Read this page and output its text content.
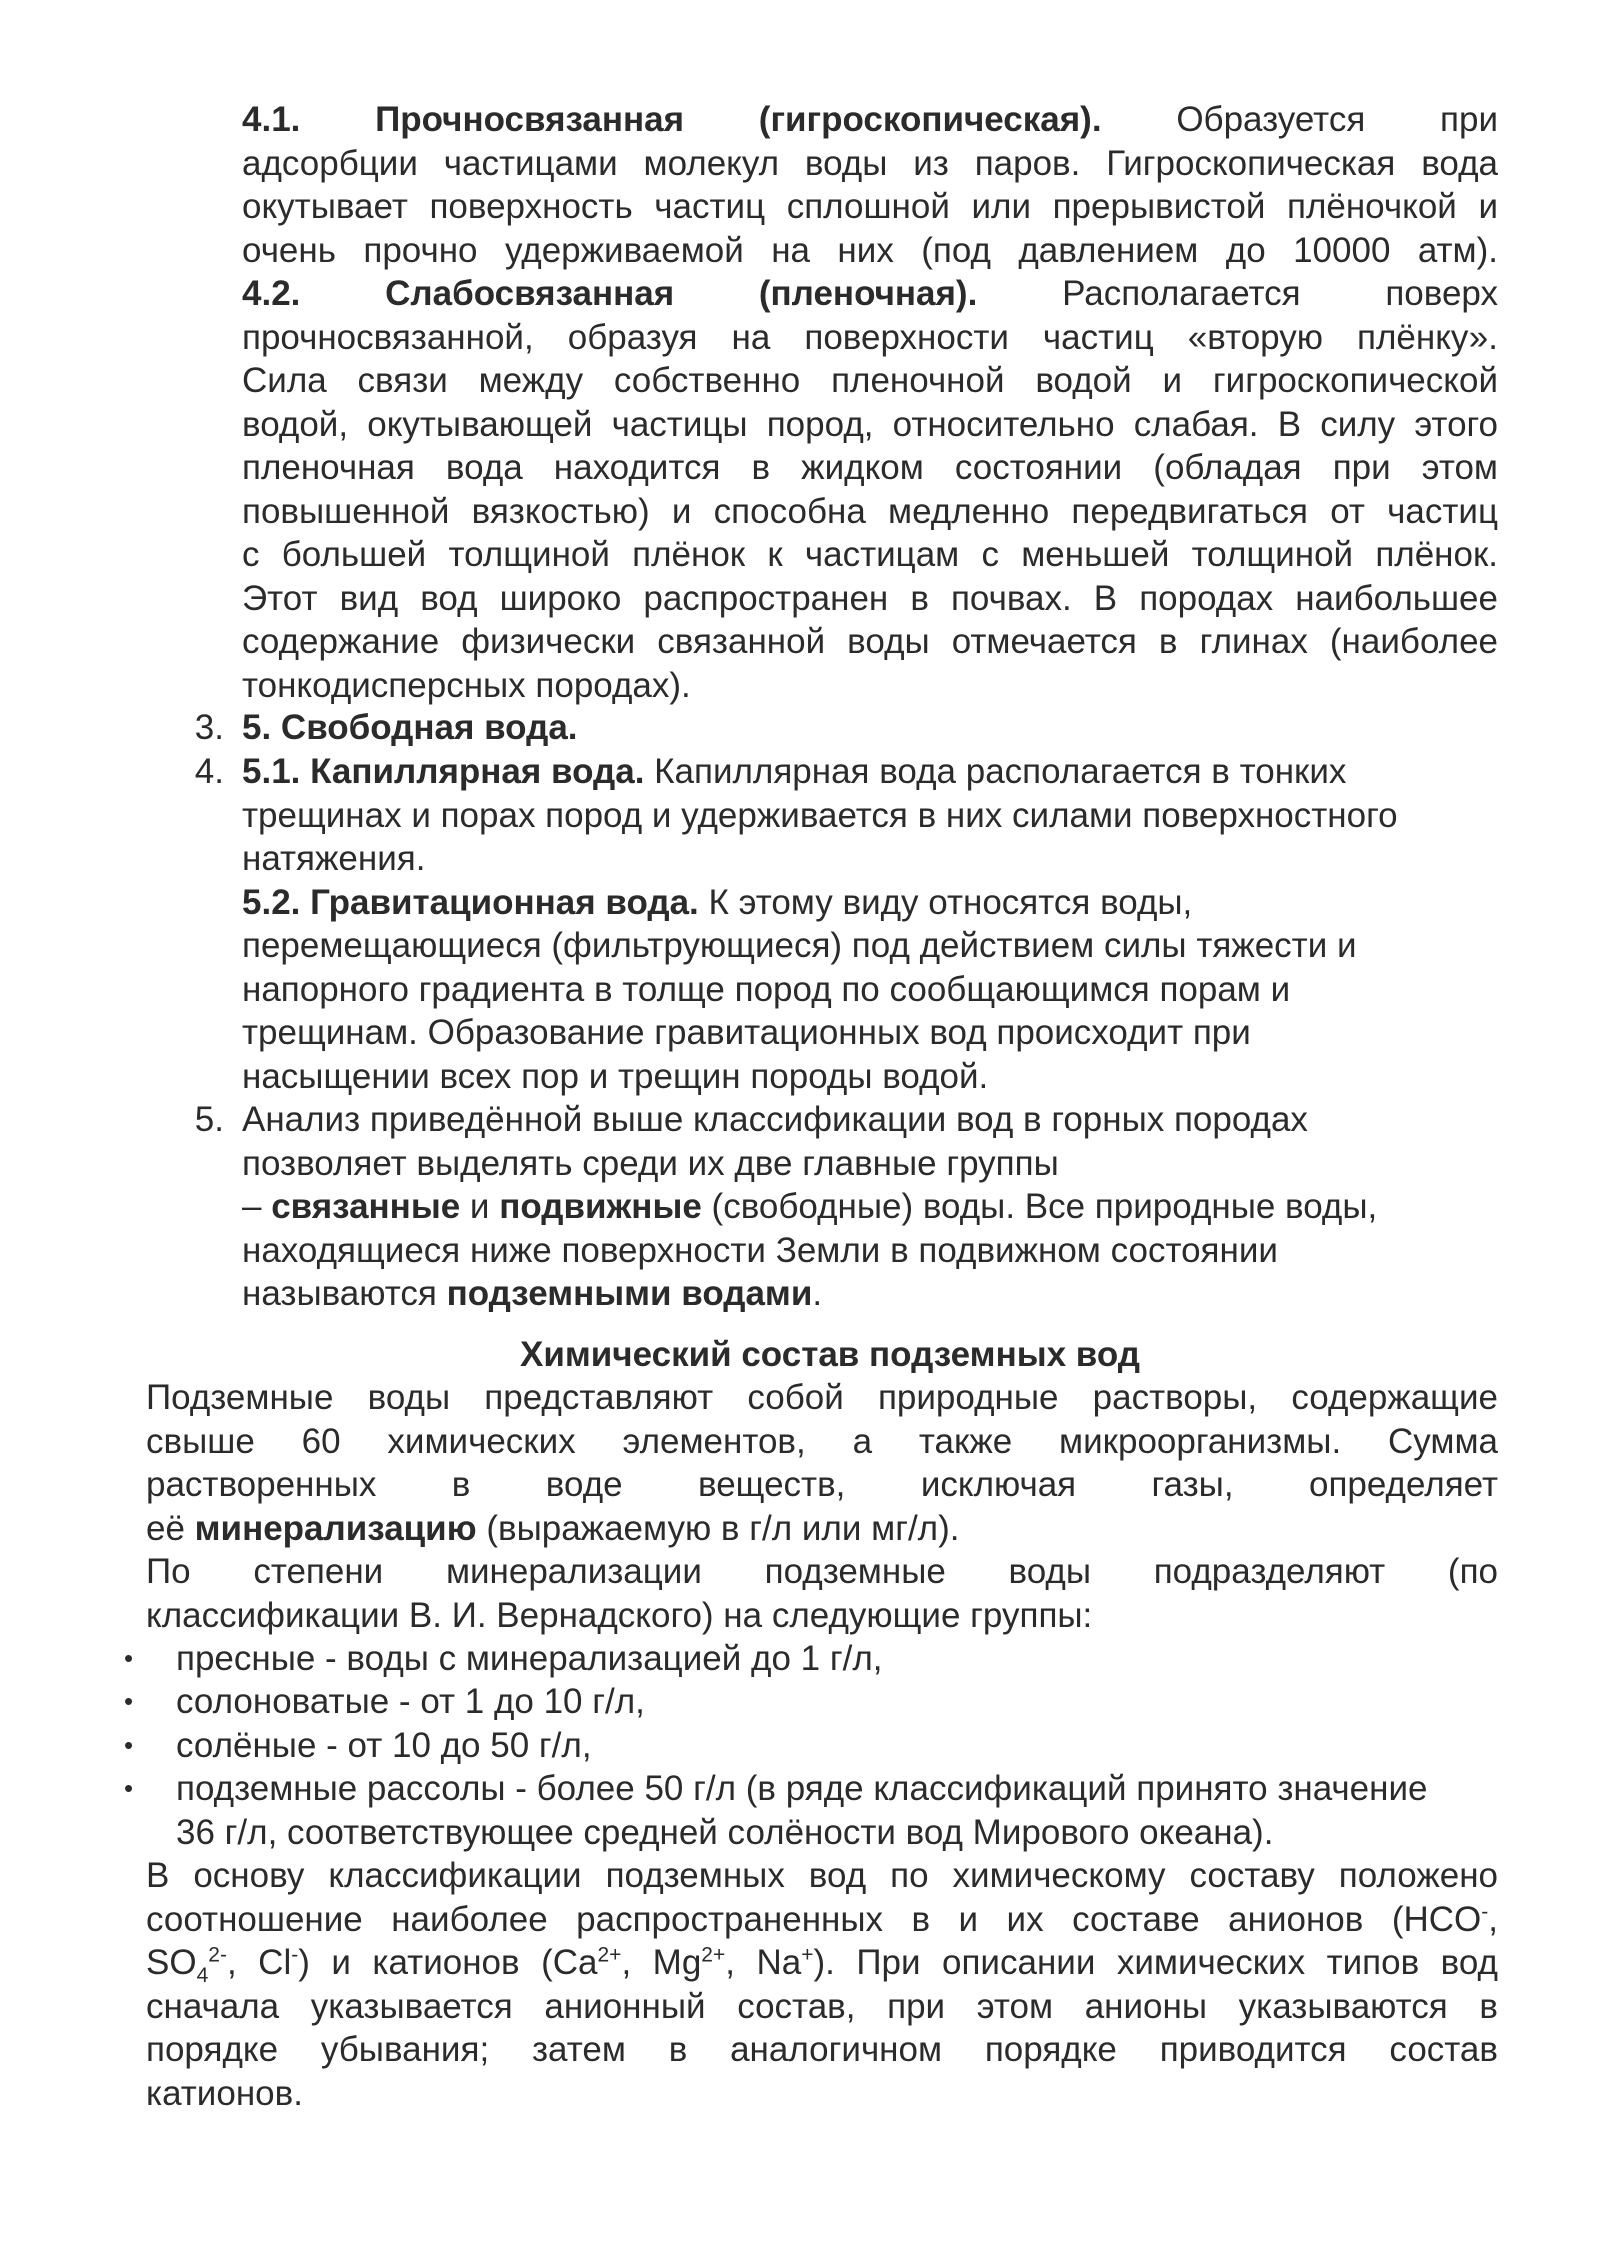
4.1. Прочносвязанная (гигроскопическая). Образуется при
адсорбции частицами молекул воды из паров. Гигроскопическая вода
окутывает поверхность частиц сплошной или прерывистой плёночкой и
очень прочно удерживаемой на них (под давлением до 10000 атм).
4.2. Слабосвязанная (пленочная). Располагается поверх
прочносвязанной, образуя на поверхности частиц «вторую плёнку».
Сила связи между собственно пленочной водой и гигроскопической
водой, окутывающей частицы пород, относительно слабая. В силу этого
пленочная вода находится в жидком состоянии (обладая при этом
повышенной вязкостью) и способна медленно передвигаться от частиц
с большей толщиной плёнок к частицам с меньшей толщиной плёнок.
Этот вид вод широко распространен в почвах. В породах наибольшее
содержание физически связанной воды отмечается в глинах (наиболее
тонкодисперсных породах).
3. 5. Свободная вода.
4. 5.1. Капиллярная вода. Капиллярная вода располагается в тонких
трещинах и порах пород и удерживается в них силами поверхностного
натяжения.
5.2. Гравитационная вода. К этому виду относятся воды,
перемещающиеся (фильтрующиеся) под действием силы тяжести и
напорного градиента в толще пород по сообщающимся порам и
трещинам. Образование гравитационных вод происходит при
насыщении всех пор и трещин породы водой.
5. Анализ приведённой выше классификации вод в горных породах
позволяет выделять среди их две главные группы
– связанные и подвижные (свободные) воды. Все природные воды,
находящиеся ниже поверхности Земли в подвижном состоянии
называются подземными водами.
Химический состав подземных вод
Подземные воды представляют собой природные растворы, содержащие
свыше 60 химических элементов, а также микроорганизмы. Сумма
растворенных в воде веществ, исключая газы, определяет
её минерализацию (выражаемую в г/л или мг/л).
По степени минерализации подземные воды подразделяют (по
классификации В. И. Вернадского) на следующие группы:
• пресные - воды с минерализацией до 1 г/л,
• солоноватые - от 1 до 10 г/л,
• солёные - от 10 до 50 г/л,
• подземные рассолы - более 50 г/л (в ряде классификаций принято значение
36 г/л, соответствующее средней солёности вод Мирового океана).
В основу классификации подземных вод по химическому составу положено
соотношение наиболее распространенных в и их составе анионов (HCO-,
$SO_4^{2-}$, Cl-) и катионов ($Ca^{2+}$, $Mg^{2+}$, Na+). При описании химических типов вод
сначала указывается анионный состав, при этом анионы указываются в
порядке убывания; затем в аналогичном порядке приводится состав
катионов.
